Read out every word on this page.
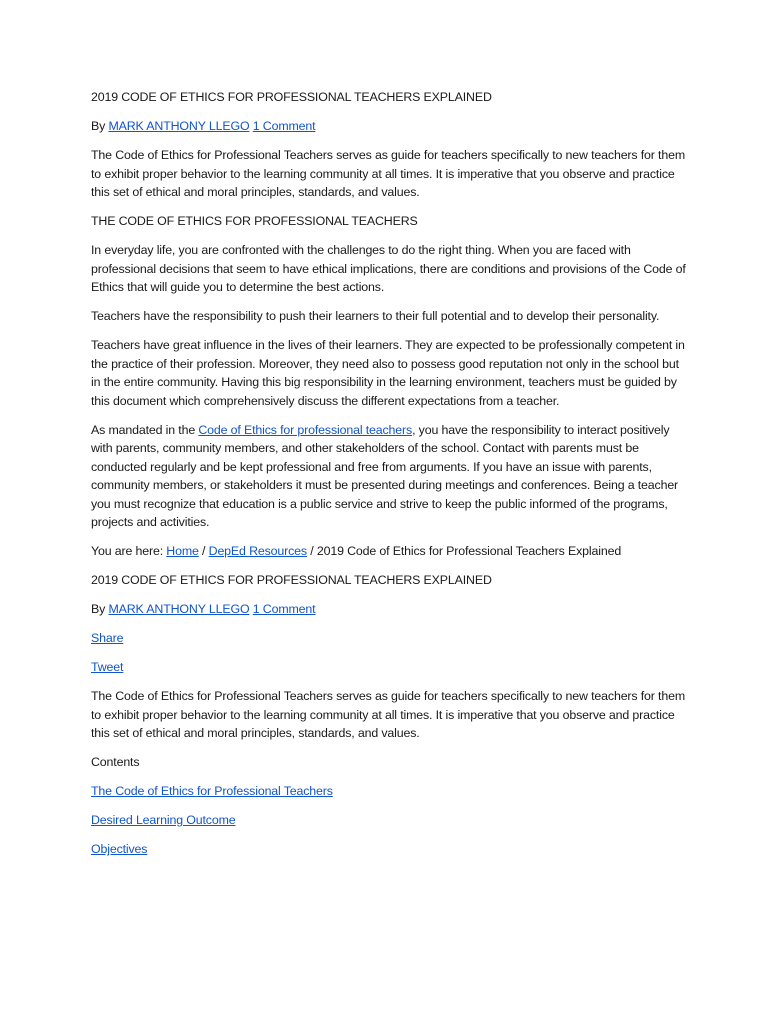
2019 CODE OF ETHICS FOR PROFESSIONAL TEACHERS EXPLAINED

By MARK ANTHONY LLEGO 1 Comment

The Code of Ethics for Professional Teachers serves as guide for teachers specifically to new teachers for them to exhibit proper behavior to the learning community at all times. It is imperative that you observe and practice this set of ethical and moral principles, standards, and values.

THE CODE OF ETHICS FOR PROFESSIONAL TEACHERS

In everyday life, you are confronted with the challenges to do the right thing. When you are faced with professional decisions that seem to have ethical implications, there are conditions and provisions of the Code of Ethics that will guide you to determine the best actions.

Teachers have the responsibility to push their learners to their full potential and to develop their personality.

Teachers have great influence in the lives of their learners. They are expected to be professionally competent in the practice of their profession. Moreover, they need also to possess good reputation not only in the school but in the entire community. Having this big responsibility in the learning environment, teachers must be guided by this document which comprehensively discuss the different expectations from a teacher.

As mandated in the Code of Ethics for professional teachers, you have the responsibility to interact positively with parents, community members, and other stakeholders of the school. Contact with parents must be conducted regularly and be kept professional and free from arguments. If you have an issue with parents, community members, or stakeholders it must be presented during meetings and conferences. Being a teacher you must recognize that education is a public service and strive to keep the public informed of the programs, projects and activities.

You are here: Home / DepEd Resources / 2019 Code of Ethics for Professional Teachers Explained

2019 CODE OF ETHICS FOR PROFESSIONAL TEACHERS EXPLAINED

By MARK ANTHONY LLEGO 1 Comment

Share

Tweet

The Code of Ethics for Professional Teachers serves as guide for teachers specifically to new teachers for them to exhibit proper behavior to the learning community at all times. It is imperative that you observe and practice this set of ethical and moral principles, standards, and values.

Contents

The Code of Ethics for Professional Teachers

Desired Learning Outcome

Objectives
